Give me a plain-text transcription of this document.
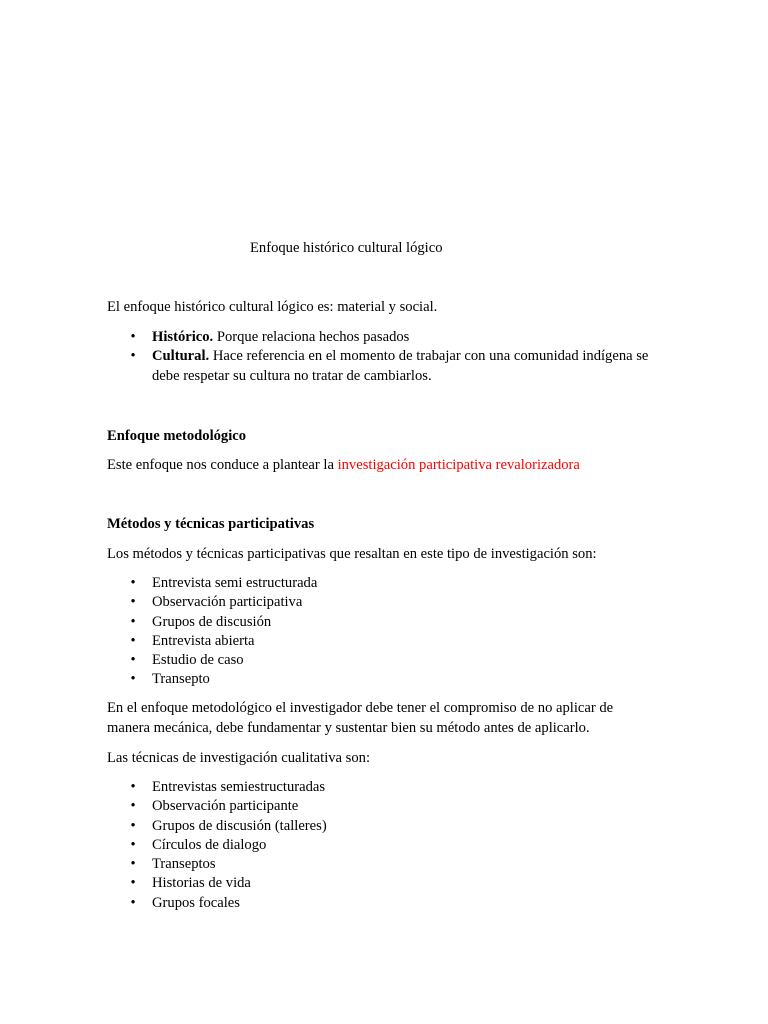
Enfoque histórico cultural lógico

El enfoque histórico cultural lógico es: material y social.

• Histórico. Porque relaciona hechos pasados
• Cultural. Hace referencia en el momento de trabajar con una comunidad indígena se debe respetar su cultura no tratar de cambiarlos.

Enfoque metodológico

Este enfoque nos conduce a plantear la investigación participativa revalorizadora

Métodos y técnicas participativas

Los métodos y técnicas participativas que resaltan en este tipo de investigación son:

• Entrevista semi estructurada
• Observación participativa
• Grupos de discusión
• Entrevista abierta
• Estudio de caso
• Transepto

En el enfoque metodológico el investigador debe tener el compromiso de no aplicar de manera mecánica, debe fundamentar y sustentar bien su método antes de aplicarlo.

Las técnicas de investigación cualitativa son:

• Entrevistas semiestructuradas
• Observación participante
• Grupos de discusión (talleres)
• Círculos de dialogo
• Transeptos
• Historias de vida
• Grupos focales
